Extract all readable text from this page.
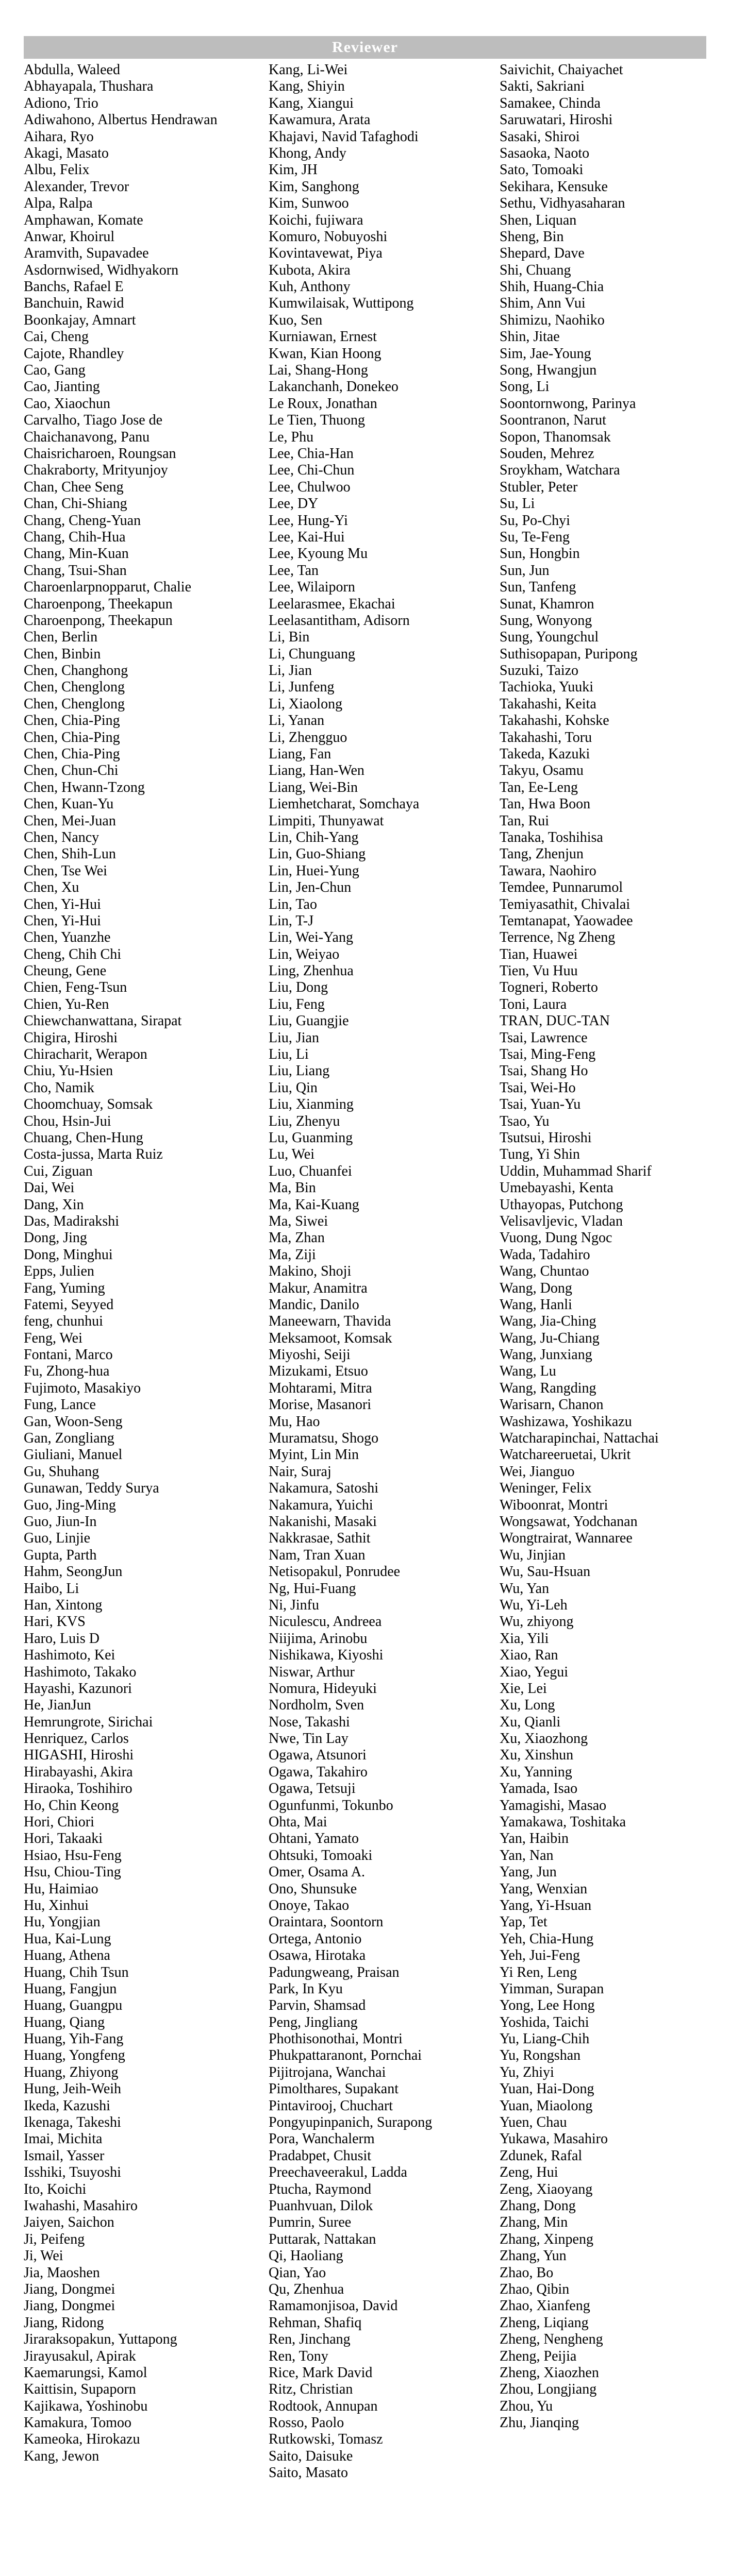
Reviewer
Abdulla, Waleed
Abhayapala, Thushara
Adiono, Trio
Adiwahono, Albertus Hendrawan
Aihara, Ryo
Akagi, Masato
Albu, Felix
Alexander, Trevor
Alpa, Ralpa
Amphawan, Komate
Anwar, Khoirul
Aramvith, Supavadee
Asdornwised, Widhyakorn
Banchs, Rafael E
Banchuin, Rawid
Boonkajay, Amnart
Cai, Cheng
Cajote, Rhandley
Cao, Gang
Cao, Jianting
Cao, Xiaochun
Carvalho, Tiago Jose de
Chaichanavong, Panu
Chaisricharoen, Roungsan
Chakraborty, Mrityunjoy
Chan, Chee Seng
Chan, Chi-Shiang
Chang, Cheng-Yuan
Chang, Chih-Hua
Chang, Min-Kuan
Chang, Tsui-Shan
Charoenlarpnopparut, Chalie
Charoenpong, Theekapun
Charoenpong, Theekapun
Chen, Berlin
Chen, Binbin
Chen, Changhong
Chen, Chenglong
Chen, Chenglong
Chen, Chia-Ping
Chen, Chia-Ping
Chen, Chia-Ping
Chen, Chun-Chi
Chen, Hwann-Tzong
Chen, Kuan-Yu
Chen, Mei-Juan
Chen, Nancy
Chen, Shih-Lun
Chen, Tse Wei
Chen, Xu
Chen, Yi-Hui
Chen, Yi-Hui
Chen, Yuanzhe
Cheng, Chih Chi
Cheung, Gene
Chien, Feng-Tsun
Chien, Yu-Ren
Chiewchanwattana, Sirapat
Chigira, Hiroshi
Chiracharit, Werapon
Chiu, Yu-Hsien
Cho, Namik
Choomchuay, Somsak
Chou, Hsin-Jui
Chuang, Chen-Hung
Costa-jussa, Marta Ruiz
Cui, Ziguan
Dai, Wei
Dang, Xin
Das, Madirakshi
Dong, Jing
Dong, Minghui
Epps, Julien
Fang, Yuming
Fatemi, Seyyed
feng, chunhui
Feng, Wei
Fontani, Marco
Fu, Zhong-hua
Fujimoto, Masakiyo
Fung, Lance
Gan, Woon-Seng
Gan, Zongliang
Giuliani, Manuel
Gu, Shuhang
Gunawan, Teddy Surya
Guo, Jing-Ming
Guo, Jiun-In
Guo, Linjie
Gupta, Parth
Hahm, SeongJun
Haibo, Li
Han, Xintong
Hari, KVS
Haro, Luis D
Hashimoto, Kei
Hashimoto, Takako
Hayashi, Kazunori
He, JianJun
Hemrungrote, Sirichai
Henriquez, Carlos
HIGASHI, Hiroshi
Hirabayashi, Akira
Hiraoka, Toshihiro
Ho, Chin Keong
Hori, Chiori
Hori, Takaaki
Hsiao, Hsu-Feng
Hsu, Chiou-Ting
Hu, Haimiao
Hu, Xinhui
Hu, Yongjian
Hua, Kai-Lung
Huang, Athena
Huang, Chih Tsun
Huang, Fangjun
Huang, Guangpu
Huang, Qiang
Huang, Yih-Fang
Huang, Yongfeng
Huang, Zhiyong
Hung, Jeih-Weih
Ikeda, Kazushi
Ikenaga, Takeshi
Imai, Michita
Ismail, Yasser
Isshiki, Tsuyoshi
Ito, Koichi
Iwahashi, Masahiro
Jaiyen, Saichon
Ji, Peifeng
Ji, Wei
Jia, Maoshen
Jiang, Dongmei
Jiang, Dongmei
Jiang, Ridong
Jiraraksopakun, Yuttapong
Jirayusakul, Apirak
Kaemarungsi, Kamol
Kaittisin, Supaporn
Kajikawa, Yoshinobu
Kamakura, Tomoo
Kameoka, Hirokazu
Kang, Jewon
Kang, Li-Wei
Kang, Shiyin
Kang, Xiangui
Kawamura, Arata
Khajavi, Navid Tafaghodi
Khong, Andy
Kim, JH
Kim, Sanghong
Kim, Sunwoo
Koichi, fujiwara
Komuro, Nobuyoshi
Kovintavewat, Piya
Kubota, Akira
Kuh, Anthony
Kumwilaisak, Wuttipong
Kuo, Sen
Kurniawan, Ernest
Kwan, Kian Hoong
Lai, Shang-Hong
Lakanchanh, Donekeo
Le Roux, Jonathan
Le Tien, Thuong
Le, Phu
Lee, Chia-Han
Lee, Chi-Chun
Lee, Chulwoo
Lee, DY
Lee, Hung-Yi
Lee, Kai-Hui
Lee, Kyoung Mu
Lee, Tan
Lee, Wilaiporn
Leelarasmee, Ekachai
Leelasantitham, Adisorn
Li, Bin
Li, Chunguang
Li, Jian
Li, Junfeng
Li, Xiaolong
Li, Yanan
Li, Zhengguo
Liang, Fan
Liang, Han-Wen
Liang, Wei-Bin
Liemhetcharat, Somchaya
Limpiti, Thunyawat
Lin, Chih-Yang
Lin, Guo-Shiang
Lin, Huei-Yung
Lin, Jen-Chun
Lin, Tao
Lin, T-J
Lin, Wei-Yang
Lin, Weiyao
Ling, Zhenhua
Liu, Dong
Liu, Feng
Liu, Guangjie
Liu, Jian
Liu, Li
Liu, Liang
Liu, Qin
Liu, Xianming
Liu, Zhenyu
Lu, Guanming
Lu, Wei
Luo, Chuanfei
Ma, Bin
Ma, Kai-Kuang
Ma, Siwei
Ma, Zhan
Ma, Ziji
Makino, Shoji
Makur, Anamitra
Mandic, Danilo
Maneewarn, Thavida
Meksamoot, Komsak
Miyoshi, Seiji
Mizukami, Etsuo
Mohtarami, Mitra
Morise, Masanori
Mu, Hao
Muramatsu, Shogo
Myint, Lin Min
Nair, Suraj
Nakamura, Satoshi
Nakamura, Yuichi
Nakanishi, Masaki
Nakkrasae, Sathit
Nam, Tran Xuan
Netisopakul, Ponrudee
Ng, Hui-Fuang
Ni, Jinfu
Niculescu, Andreea
Niijima, Arinobu
Nishikawa, Kiyoshi
Niswar, Arthur
Nomura, Hideyuki
Nordholm, Sven
Nose, Takashi
Nwe, Tin Lay
Ogawa, Atsunori
Ogawa, Takahiro
Ogawa, Tetsuji
Ogunfunmi, Tokunbo
Ohta, Mai
Ohtani, Yamato
Ohtsuki, Tomoaki
Omer, Osama A.
Ono, Shunsuke
Onoye, Takao
Oraintara, Soontorn
Ortega, Antonio
Osawa, Hirotaka
Padungweang, Praisan
Park, In Kyu
Parvin, Shamsad
Peng, Jingliang
Phothisonothai, Montri
Phukpattaranont, Pornchai
Pijitrojana, Wanchai
Pimolthares, Supakant
Pintavirooj, Chuchart
Pongyupinpanich, Surapong
Pora, Wanchalerm
Pradabpet, Chusit
Preechaveerakul, Ladda
Ptucha, Raymond
Puanhvuan, Dilok
Pumrin, Suree
Puttarak, Nattakan
Qi, Haoliang
Qian, Yao
Qu, Zhenhua
Ramamonjisoa, David
Rehman, Shafiq
Ren, Jinchang
Ren, Tony
Rice, Mark David
Ritz, Christian
Rodtook, Annupan
Rosso, Paolo
Rutkowski, Tomasz
Saito, Daisuke
Saito, Masato
Saivichit, Chaiyachet
Sakti, Sakriani
Samakee, Chinda
Saruwatari, Hiroshi
Sasaki, Shiroi
Sasaoka, Naoto
Sato, Tomoaki
Sekihara, Kensuke
Sethu, Vidhyasaharan
Shen, Liquan
Sheng, Bin
Shepard, Dave
Shi, Chuang
Shih, Huang-Chia
Shim, Ann Vui
Shimizu, Naohiko
Shin, Jitae
Sim, Jae-Young
Song, Hwangjun
Song, Li
Soontornwong, Parinya
Soontranon, Narut
Sopon, Thanomsak
Souden, Mehrez
Sroykham, Watchara
Stubler, Peter
Su, Li
Su, Po-Chyi
Su, Te-Feng
Sun, Hongbin
Sun, Jun
Sun, Tanfeng
Sunat, Khamron
Sung, Wonyong
Sung, Youngchul
Suthisopapan, Puripong
Suzuki, Taizo
Tachioka, Yuuki
Takahashi, Keita
Takahashi, Kohske
Takahashi, Toru
Takeda, Kazuki
Takyu, Osamu
Tan, Ee-Leng
Tan, Hwa Boon
Tan, Rui
Tanaka, Toshihisa
Tang, Zhenjun
Tawara, Naohiro
Temdee, Punnarumol
Temiyasathit, Chivalai
Temtanapat, Yaowadee
Terrence, Ng Zheng
Tian, Huawei
Tien, Vu Huu
Togneri, Roberto
Toni, Laura
TRAN, DUC-TAN
Tsai, Lawrence
Tsai, Ming-Feng
Tsai, Shang Ho
Tsai, Wei-Ho
Tsai, Yuan-Yu
Tsao, Yu
Tsutsui, Hiroshi
Tung, Yi Shin
Uddin, Muhammad Sharif
Umebayashi, Kenta
Uthayopas, Putchong
Velisavljevic, Vladan
Vuong, Dung Ngoc
Wada, Tadahiro
Wang, Chuntao
Wang, Dong
Wang, Hanli
Wang, Jia-Ching
Wang, Ju-Chiang
Wang, Junxiang
Wang, Lu
Wang, Rangding
Warisarn, Chanon
Washizawa, Yoshikazu
Watcharapinchai, Nattachai
Watchareeruetai, Ukrit
Wei, Jianguo
Weninger, Felix
Wiboonrat, Montri
Wongsawat, Yodchanan
Wongtrairat, Wannaree
Wu, Jinjian
Wu, Sau-Hsuan
Wu, Yan
Wu, Yi-Leh
Wu, zhiyong
Xia, Yili
Xiao, Ran
Xiao, Yegui
Xie, Lei
Xu, Long
Xu, Qianli
Xu, Xiaozhong
Xu, Xinshun
Xu, Yanning
Yamada, Isao
Yamagishi, Masao
Yamakawa, Toshitaka
Yan, Haibin
Yan, Nan
Yang, Jun
Yang, Wenxian
Yang, Yi-Hsuan
Yap, Tet
Yeh, Chia-Hung
Yeh, Jui-Feng
Yi Ren, Leng
Yimman, Surapan
Yong, Lee Hong
Yoshida, Taichi
Yu, Liang-Chih
Yu, Rongshan
Yu, Zhiyi
Yuan, Hai-Dong
Yuan, Miaolong
Yuen, Chau
Yukawa, Masahiro
Zdunek, Rafal
Zeng, Hui
Zeng, Xiaoyang
Zhang, Dong
Zhang, Min
Zhang, Xinpeng
Zhang, Yun
Zhao, Bo
Zhao, Qibin
Zhao, Xianfeng
Zheng, Liqiang
Zheng, Nengheng
Zheng, Peijia
Zheng, Xiaozhen
Zhou, Longjiang
Zhou, Yu
Zhu, Jianqing
